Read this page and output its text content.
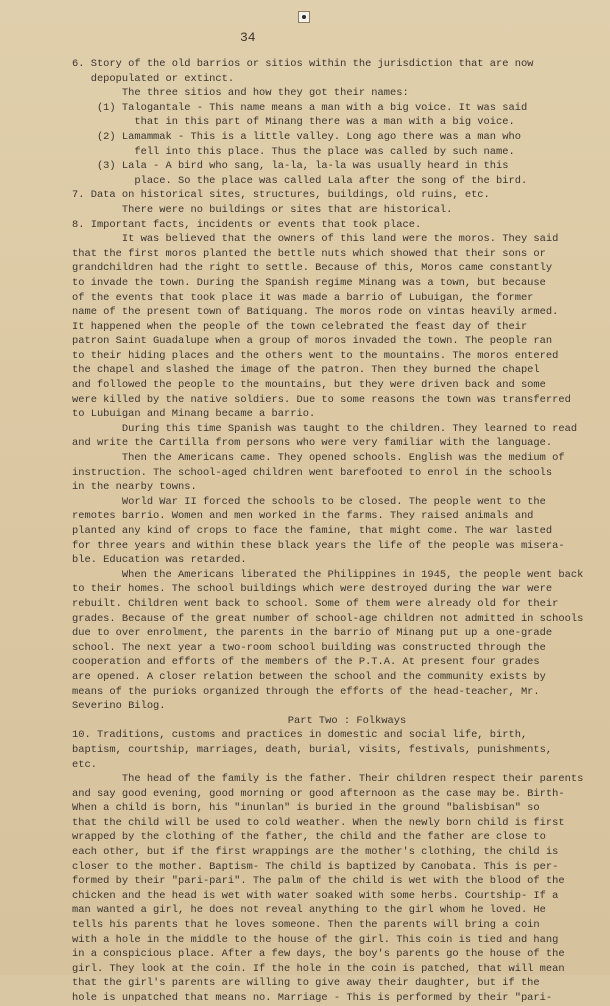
34
6. Story of the old barrios or sitios within the jurisdiction that are now
depopulated or extinct.
The three sitios and how they got their names:
(1) Talogantale - This name means a man with a big voice. It was said
that in this part of Minang there was a man with a big voice.
(2) Lamammak - This is a little valley. Long ago there was a man who
fell into this place. Thus the place was called by such name.
(3) Lala - A bird who sang, la-la, la-la was usually heard in this
place. So the place was called Lala after the song of the bird.
7. Data on historical sites, structures, buildings, old ruins, etc.
There were no buildings or sites that are historical.
8. Important facts, incidents or events that took place.
It was believed that the owners of this land were the moros. They said
that the first moros planted the bettle nuts which showed that their sons or
grandchildren had the right to settle. Because of this, Moros came constantly
to invade the town. During the Spanish regime Minang was a town, but because
of the events that took place it was made a barrio of Lubuigan, the former
name of the present town of Batiquang. The moros rode on vintas heavily armed.
It happened when the people of the town celebrated the feast day of their
patron Saint Guadalupe when a group of moros invaded the town. The people ran
to their hiding places and the others went to the mountains. The moros entered
the chapel and slashed the image of the patron. Then they burned the chapel
and followed the people to the mountains, but they were driven back and some
were killed by the native soldiers. Due to some reasons the town was transferred
to Lubuigan and Minang became a barrio.
During this time Spanish was taught to the children. They learned to read
and write the Cartilla from persons who were very familiar with the language.
Then the Americans came. They opened schools. English was the medium of
instruction. The school-aged children went barefooted to enrol in the schools
in the nearby towns.
World War II forced the schools to be closed. The people went to the
remotes barrio. Women and men worked in the farms. They raised animals and
planted any kind of crops to face the famine, that might come. The war lasted
for three years and within these black years the life of the people was misera-
ble. Education was retarded.
When the Americans liberated the Philippines in 1945, the people went back
to their homes. The school buildings which were destroyed during the war were
rebuilt. Children went back to school. Some of them were already old for their
grades. Because of the great number of school-age children not admitted in schools
due to over enrolment, the parents in the barrio of Minang put up a one-grade
school. The next year a two-room school building was constructed through the
cooperation and efforts of the members of the P.T.A. At present four grades
are opened. A closer relation between the school and the community exists by
means of the purioks organized through the efforts of the head-teacher, Mr.
Severino Bilog.
Part Two : Folkways
10. Traditions, customs and practices in domestic and social life, birth,
baptism, courtship, marriages, death, burial, visits, festivals, punishments,
etc.
The head of the family is the father. Their children respect their parents
and say good evening, good morning or good afternoon as the case may be. Birth-
When a child is born, his "inunlan" is buried in the ground "balisbisan" so
that the child will be used to cold weather. When the newly born child is first
wrapped by the clothing of the father, the child and the father are close to
each other, but if the first wrappings are the mother's clothing, the child is
closer to the mother. Baptism- The child is baptized by Canobata. This is per-
formed by their "pari-pari". The palm of the child is wet with the blood of the
chicken and the head is wet with water soaked with some herbs. Courtship- If a
man wanted a girl, he does not reveal anything to the girl whom he loved. He
tells his parents that he loves someone. Then the parents will bring a coin
with a hole in the middle to the house of the girl. This coin is tied and hang
in a conspicious place. After a few days, the boy's parents go the house of the
girl. They look at the coin. If the hole in the coin is patched, that will mean
that the girl's parents are willing to give away their daughter, but if the
hole is unpatched that means no. Marriage - This is performed by their "pari-
